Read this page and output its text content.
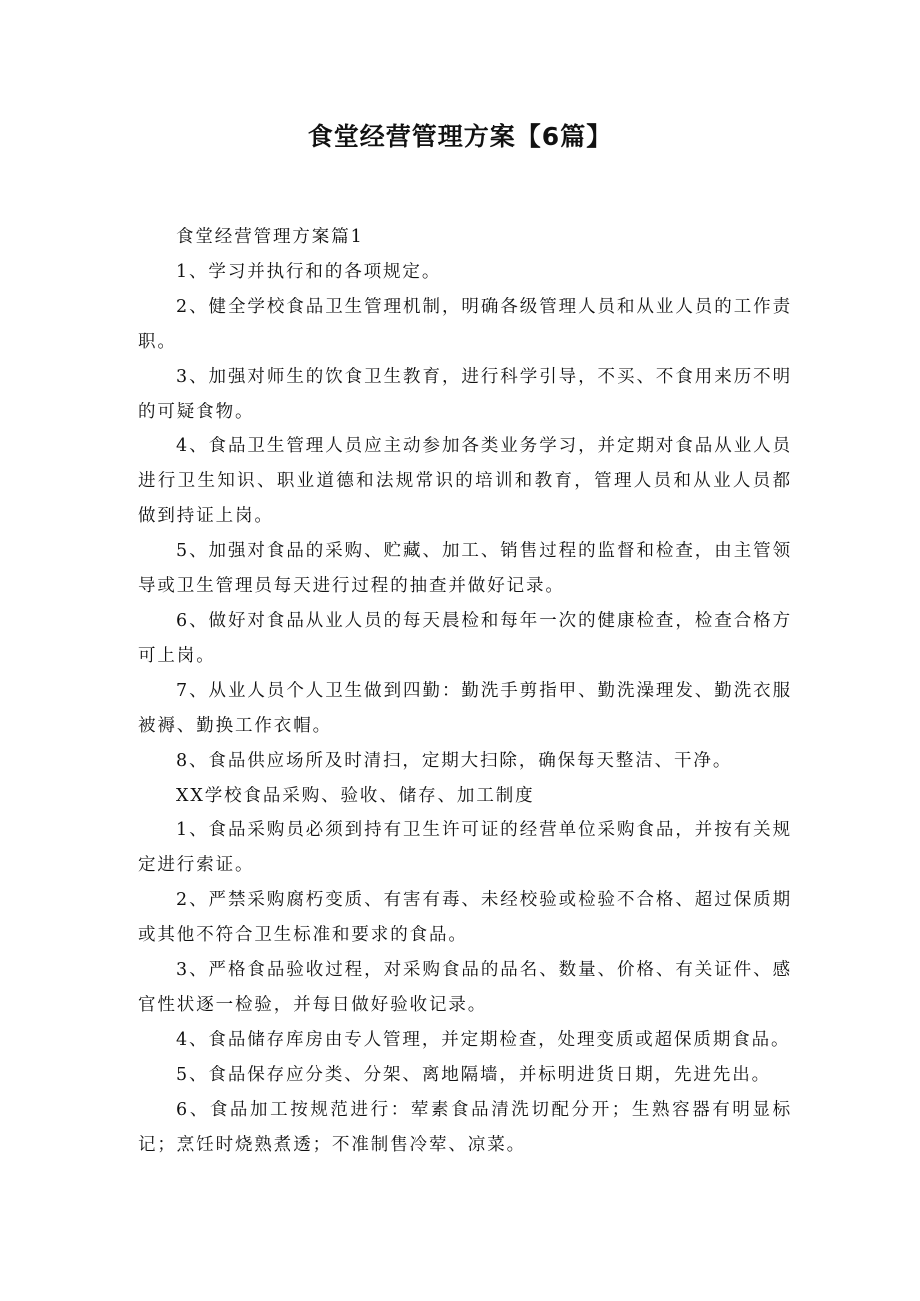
食堂经营管理方案【6篇】

食堂经营管理方案篇1

1、学习并执行和的各项规定。

2、健全学校食品卫生管理机制，明确各级管理人员和从业人员的工作责职。

3、加强对师生的饮食卫生教育，进行科学引导，不买、不食用来历不明的可疑食物。

4、食品卫生管理人员应主动参加各类业务学习，并定期对食品从业人员进行卫生知识、职业道德和法规常识的培训和教育，管理人员和从业人员都做到持证上岗。

5、加强对食品的采购、贮藏、加工、销售过程的监督和检查，由主管领导或卫生管理员每天进行过程的抽查并做好记录。

6、做好对食品从业人员的每天晨检和每年一次的健康检查，检查合格方可上岗。

7、从业人员个人卫生做到四勤：勤洗手剪指甲、勤洗澡理发、勤洗衣服被褥、勤换工作衣帽。

8、食品供应场所及时清扫，定期大扫除，确保每天整洁、干净。

XX学校食品采购、验收、储存、加工制度

1、食品采购员必须到持有卫生许可证的经营单位采购食品，并按有关规定进行索证。

2、严禁采购腐朽变质、有害有毒、未经校验或检验不合格、超过保质期或其他不符合卫生标准和要求的食品。

3、严格食品验收过程，对采购食品的品名、数量、价格、有关证件、感官性状逐一检验，并每日做好验收记录。

4、食品储存库房由专人管理，并定期检查，处理变质或超保质期食品。

5、食品保存应分类、分架、离地隔墙，并标明进货日期，先进先出。

6、食品加工按规范进行：荤素食品清洗切配分开；生熟容器有明显标记；烹饪时烧熟煮透；不准制售冷荤、凉菜。
